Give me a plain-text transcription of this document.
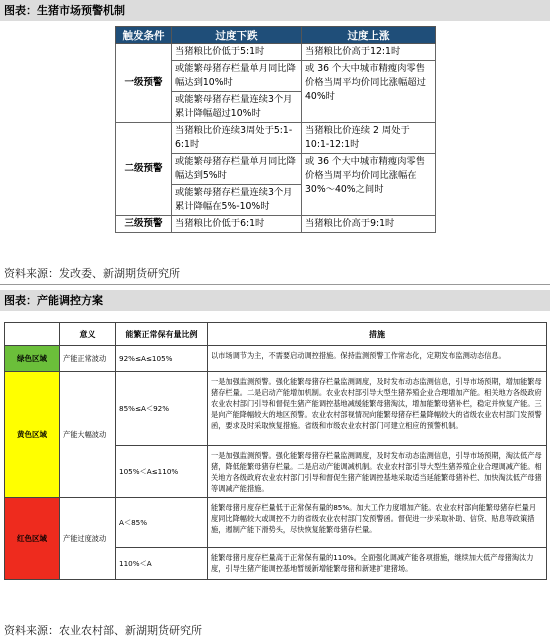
图表：生猪市场预警机制
触发条件	过度下跌	过度上涨
一级预警	当猪粮比价低于5:1时	当猪粮比价高于12:1时
	或能繁母猪存栏量单月同比降幅达到10%时	或 36 个大中城市精瘦肉零售价格当周平均价同比涨幅超过 40%时
	或能繁母猪存栏量连续3个月累计降幅超过10%时	
二级预警	当猪粮比价连续3周处于5:1-6:1时	当猪粮比价连续 2 周处于10:1-12:1时
	或能繁母猪存栏量单月同比降幅达到5%时	或 36 个大中城市精瘦肉零售价格当周平均价同比涨幅在 30%～40%之间时
	或能繁母猪存栏量连续3个月累计降幅在5%-10%时	
三级预警	当猪粮比价低于6:1时	当猪粮比价高于9:1时
资料来源：发改委、新湖期货研究所
图表：产能调控方案
	意义	能繁正常保有量比例	措施
绿色区域	产能正常波动	92%≤A≤105%	以市场调节为主，不需要启动调控措施。保持监测预警工作常态化，定期发布监测动态信息。
黄色区域	产能大幅波动	85%≤A＜92%	一是加强监测预警。强化能繁母猪存栏量监测调度，及时发布动态监测信息，引导市场预期，增加能繁母猪存栏量。二是启动产能增加机制。农业农村部引导大型生猪养殖企业合理增加产能。相关地方各级政府农业农村部门引导和督促生猪产能调控基地减缓能繁母猪淘汰，增加能繁母猪补栏，稳定并恢复产能。三是向产能降幅较大的地区预警。农业农村部视情况向能繁母猪存栏量降幅较大的省级农业农村部门发预警函，要求及时采取恢复措施。省级和市级农业农村部门可建立相应的预警机制。
		105%＜A≤110%	一是加强监测预警。强化能繁母猪存栏量监测调度，及时发布动态监测信息，引导市场预期，淘汰低产母猪，降低能繁母猪存栏量。二是启动产能调减机制。农业农村部引导大型生猪养殖企业合理调减产能。相关地方各级政府农业农村部门引导和督促生猪产能调控基地采取适当延能繁母猪补栏、加快淘汰低产母猪等调减产能措施。
红色区域	产能过度波动	A＜85%	能繁母猪月度存栏量低于正常保有量的85%。加大工作力度增加产能。农业农村部向能繁母猪存栏量月度同比降幅较大或调控不力的省级农业农村部门发预警函。督促进一步采取补助、信贷、贴息等政策措施，遏制产能下滑势头，尽快恢复能繁母猪存栏量。
		110%＜A	能繁母猪月度存栏量高于正常保有量的110%。全面强化调减产能各项措施，继续加大低产母猪淘汰力度，引导生猪产能调控基地暂缓新增能繁母猪和新建扩建猪场。
资料来源：农业农村部、新湖期货研究所
